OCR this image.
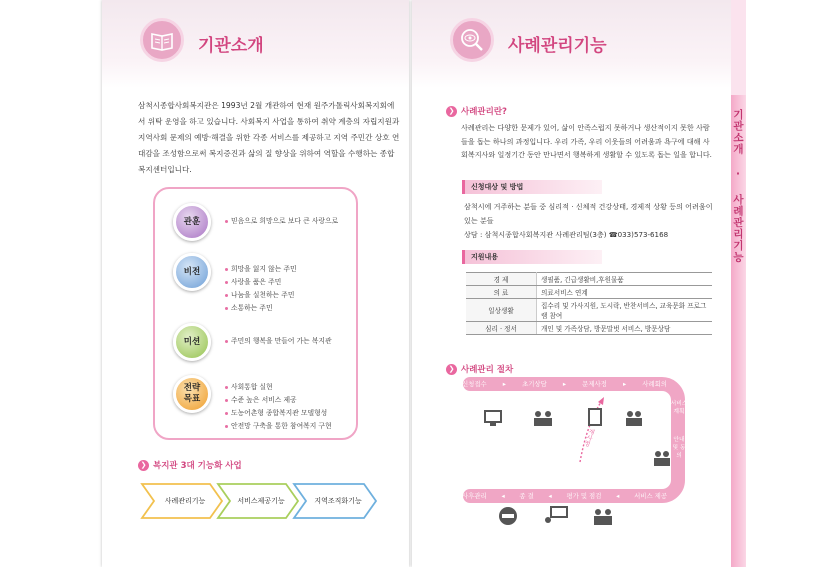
기관소개

삼척시종합사회복지관은 1993년 2월 개관하여 현재 원주가톨릭사회복지회에서 위탁 운영을 하고 있습니다. 사회복지 사업을 통하여 취약 계층의 자립지원과 지역사회 문제의 예방·해결을 위한 각종 서비스를 제공하고 지역 주민간 상호 연대감을 조성함으로써 복지증진과 삶의 질 향상을 위하여 역할을 수행하는 종합복지센터입니다.

관훈	믿음으로 희망으로 보다 큰 사랑으로
비전	희망을 잃지 않는 주민
사랑을 품은 주민
나눔을 실천하는 주민
소통하는 주민
미션	주민의 행복을 만들어 가는 복지관
전략
목표
사회통합 실현
수준 높은 서비스 제공
도농어촌형 종합복지관 모델형성
안전망 구축을 통한 참여복지 구현
❯ 복지관 3대 기능화 사업
사례관리기능	서비스제공기능	지역조직화기능
사례관리기능
❯ 사례관리란?

사례관리는 다양한 문제가 있어, 삶이 안족스럽지 못하거나 생산적이지 못한 사람들을 돕는 하나의 과정입니다. 우리 가족, 우리 이웃들의 어려움과 욕구에 대해 사회복지사와 일정기간 동안 만나면서 행복하게 생활할 수 있도록 돕는 일을 합니다.

신청대상 및 방법

삼척시에 거주하는 분들 중 심리적 · 신체적 건강상태, 경제적 상황 등의 어려움이 있는 분들

상담 : 삼척시종합사회복지관 사례관리팀(3층) ☎033)573-6168

지원내용
경 제	생필품, 긴급생활비,후원물품
의 료	의료서비스 연계
일상생활	집수리 및 가사지원, 도시락, 반찬서비스, 교육문화 프로그램 참여
심리 · 정서	개인 및 가족상담, 방문말벗 서비스, 방문상담
❯ 사례관리 절차
신청접수	▸	초기상담	▸	문제사정	▸	사례회의
서비스 계획
안내 및 동의
사후관리 ◂ 종 결 ◂ 평가 및 점검 ◂ 서비스 제공
재사정
기관소개 · 사례관리기능
